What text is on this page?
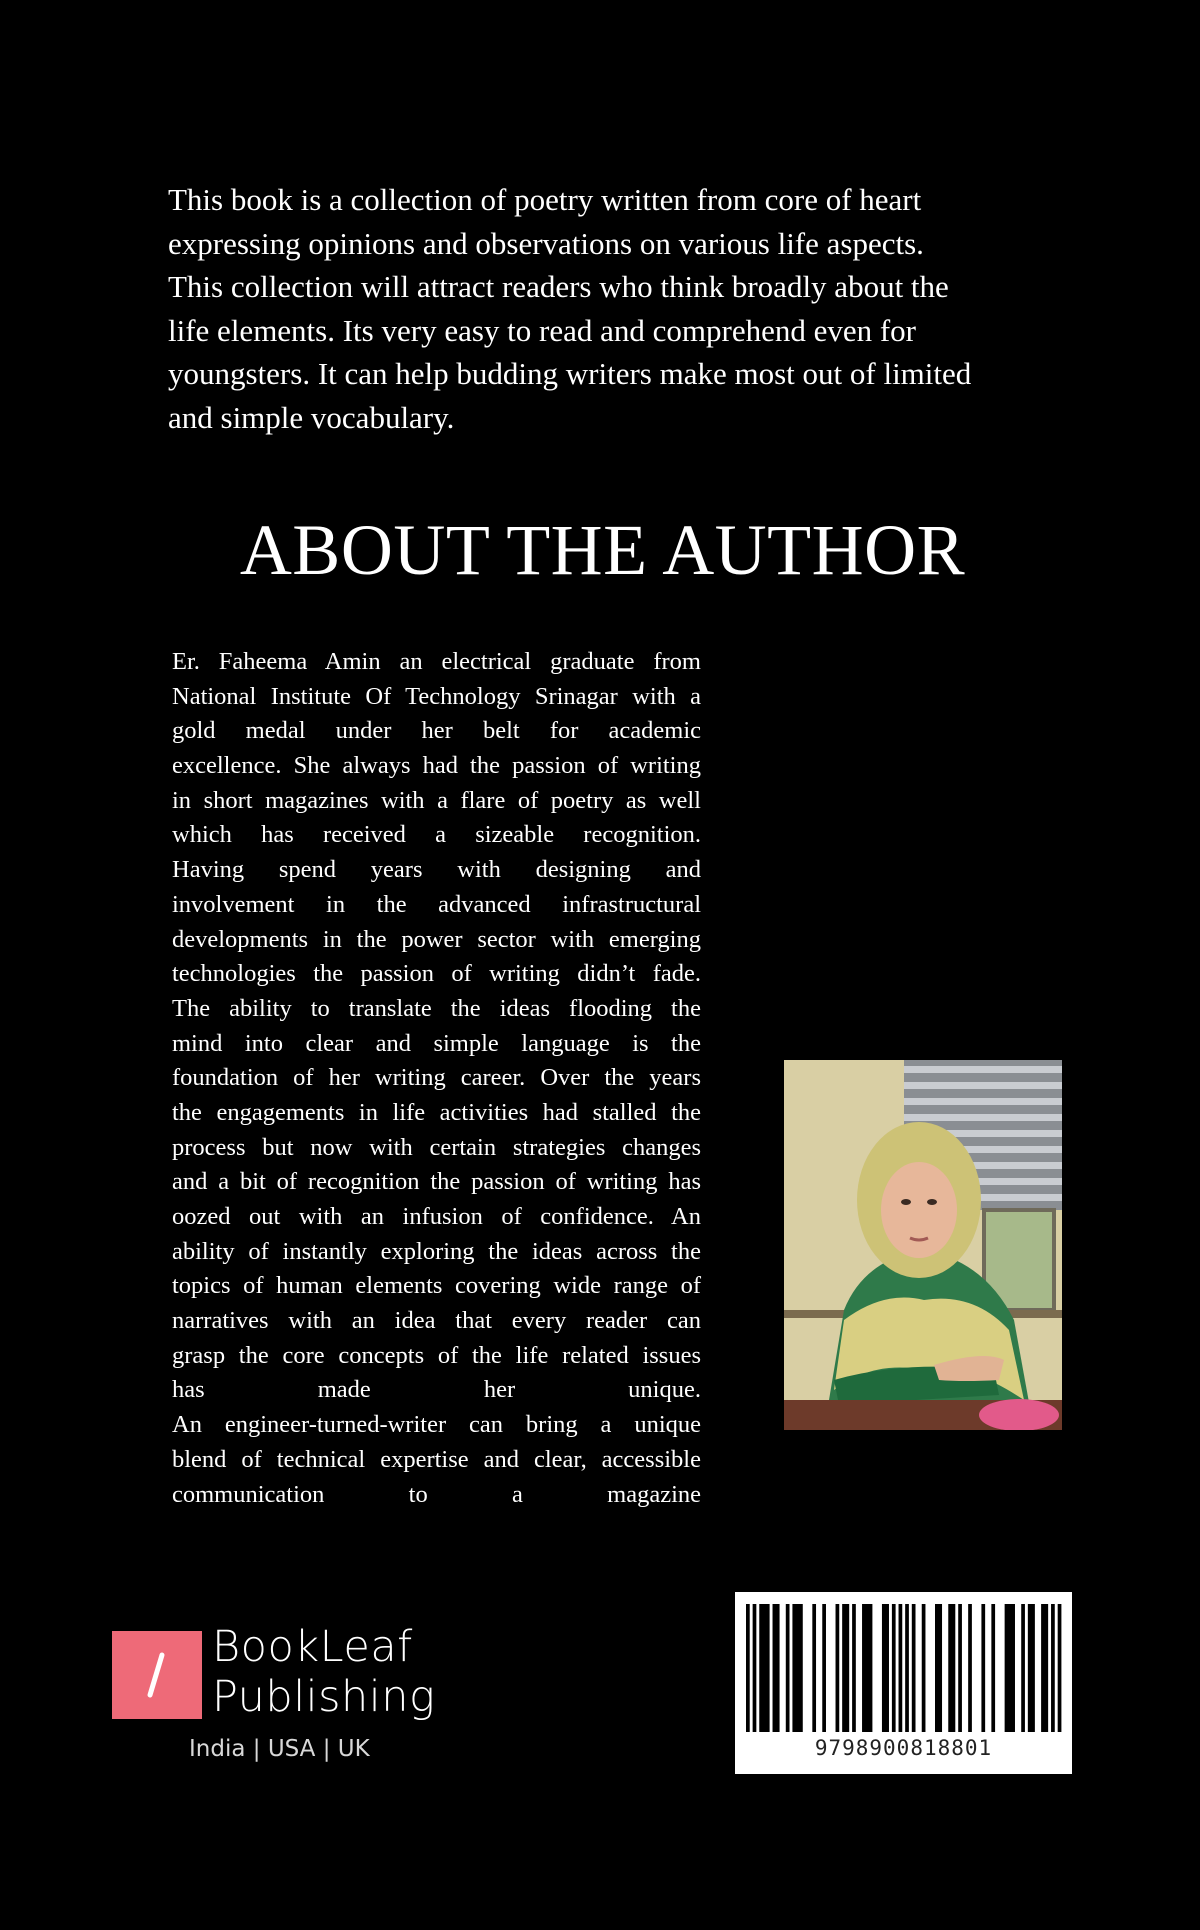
This book is a collection of poetry written from core of heart
expressing opinions and observations on various life aspects.
This collection will attract readers who think broadly about the
life elements. Its very easy to read and comprehend even for
youngsters. It can help budding writers make most out of limited
and simple vocabulary.
ABOUT THE AUTHOR
Er. Faheema Amin an electrical graduate from
National Institute Of Technology Srinagar with a
gold medal under her belt for academic
excellence. She always had the passion of writing
in short magazines with a flare of poetry as well
which has received a sizeable recognition.
Having spend years with designing and
involvement in the advanced infrastructural
developments in the power sector with emerging
technologies the passion of writing didn’t fade.
The ability to translate the ideas flooding the
mind into clear and simple language is the
foundation of her writing career. Over the years
the engagements in life activities had stalled the
process but now with certain strategies changes
and a bit of recognition the passion of writing has
oozed out with an infusion of confidence. An
ability of instantly exploring the ideas across the
topics of human elements covering wide range of
narratives with an idea that every reader can
grasp the core concepts of the life related issues
has made her unique.
An engineer-turned-writer can bring a unique
blend of technical expertise and clear, accessible
communication to a magazine
BookLeaf
Publishing
India | USA | UK	9798900818801
